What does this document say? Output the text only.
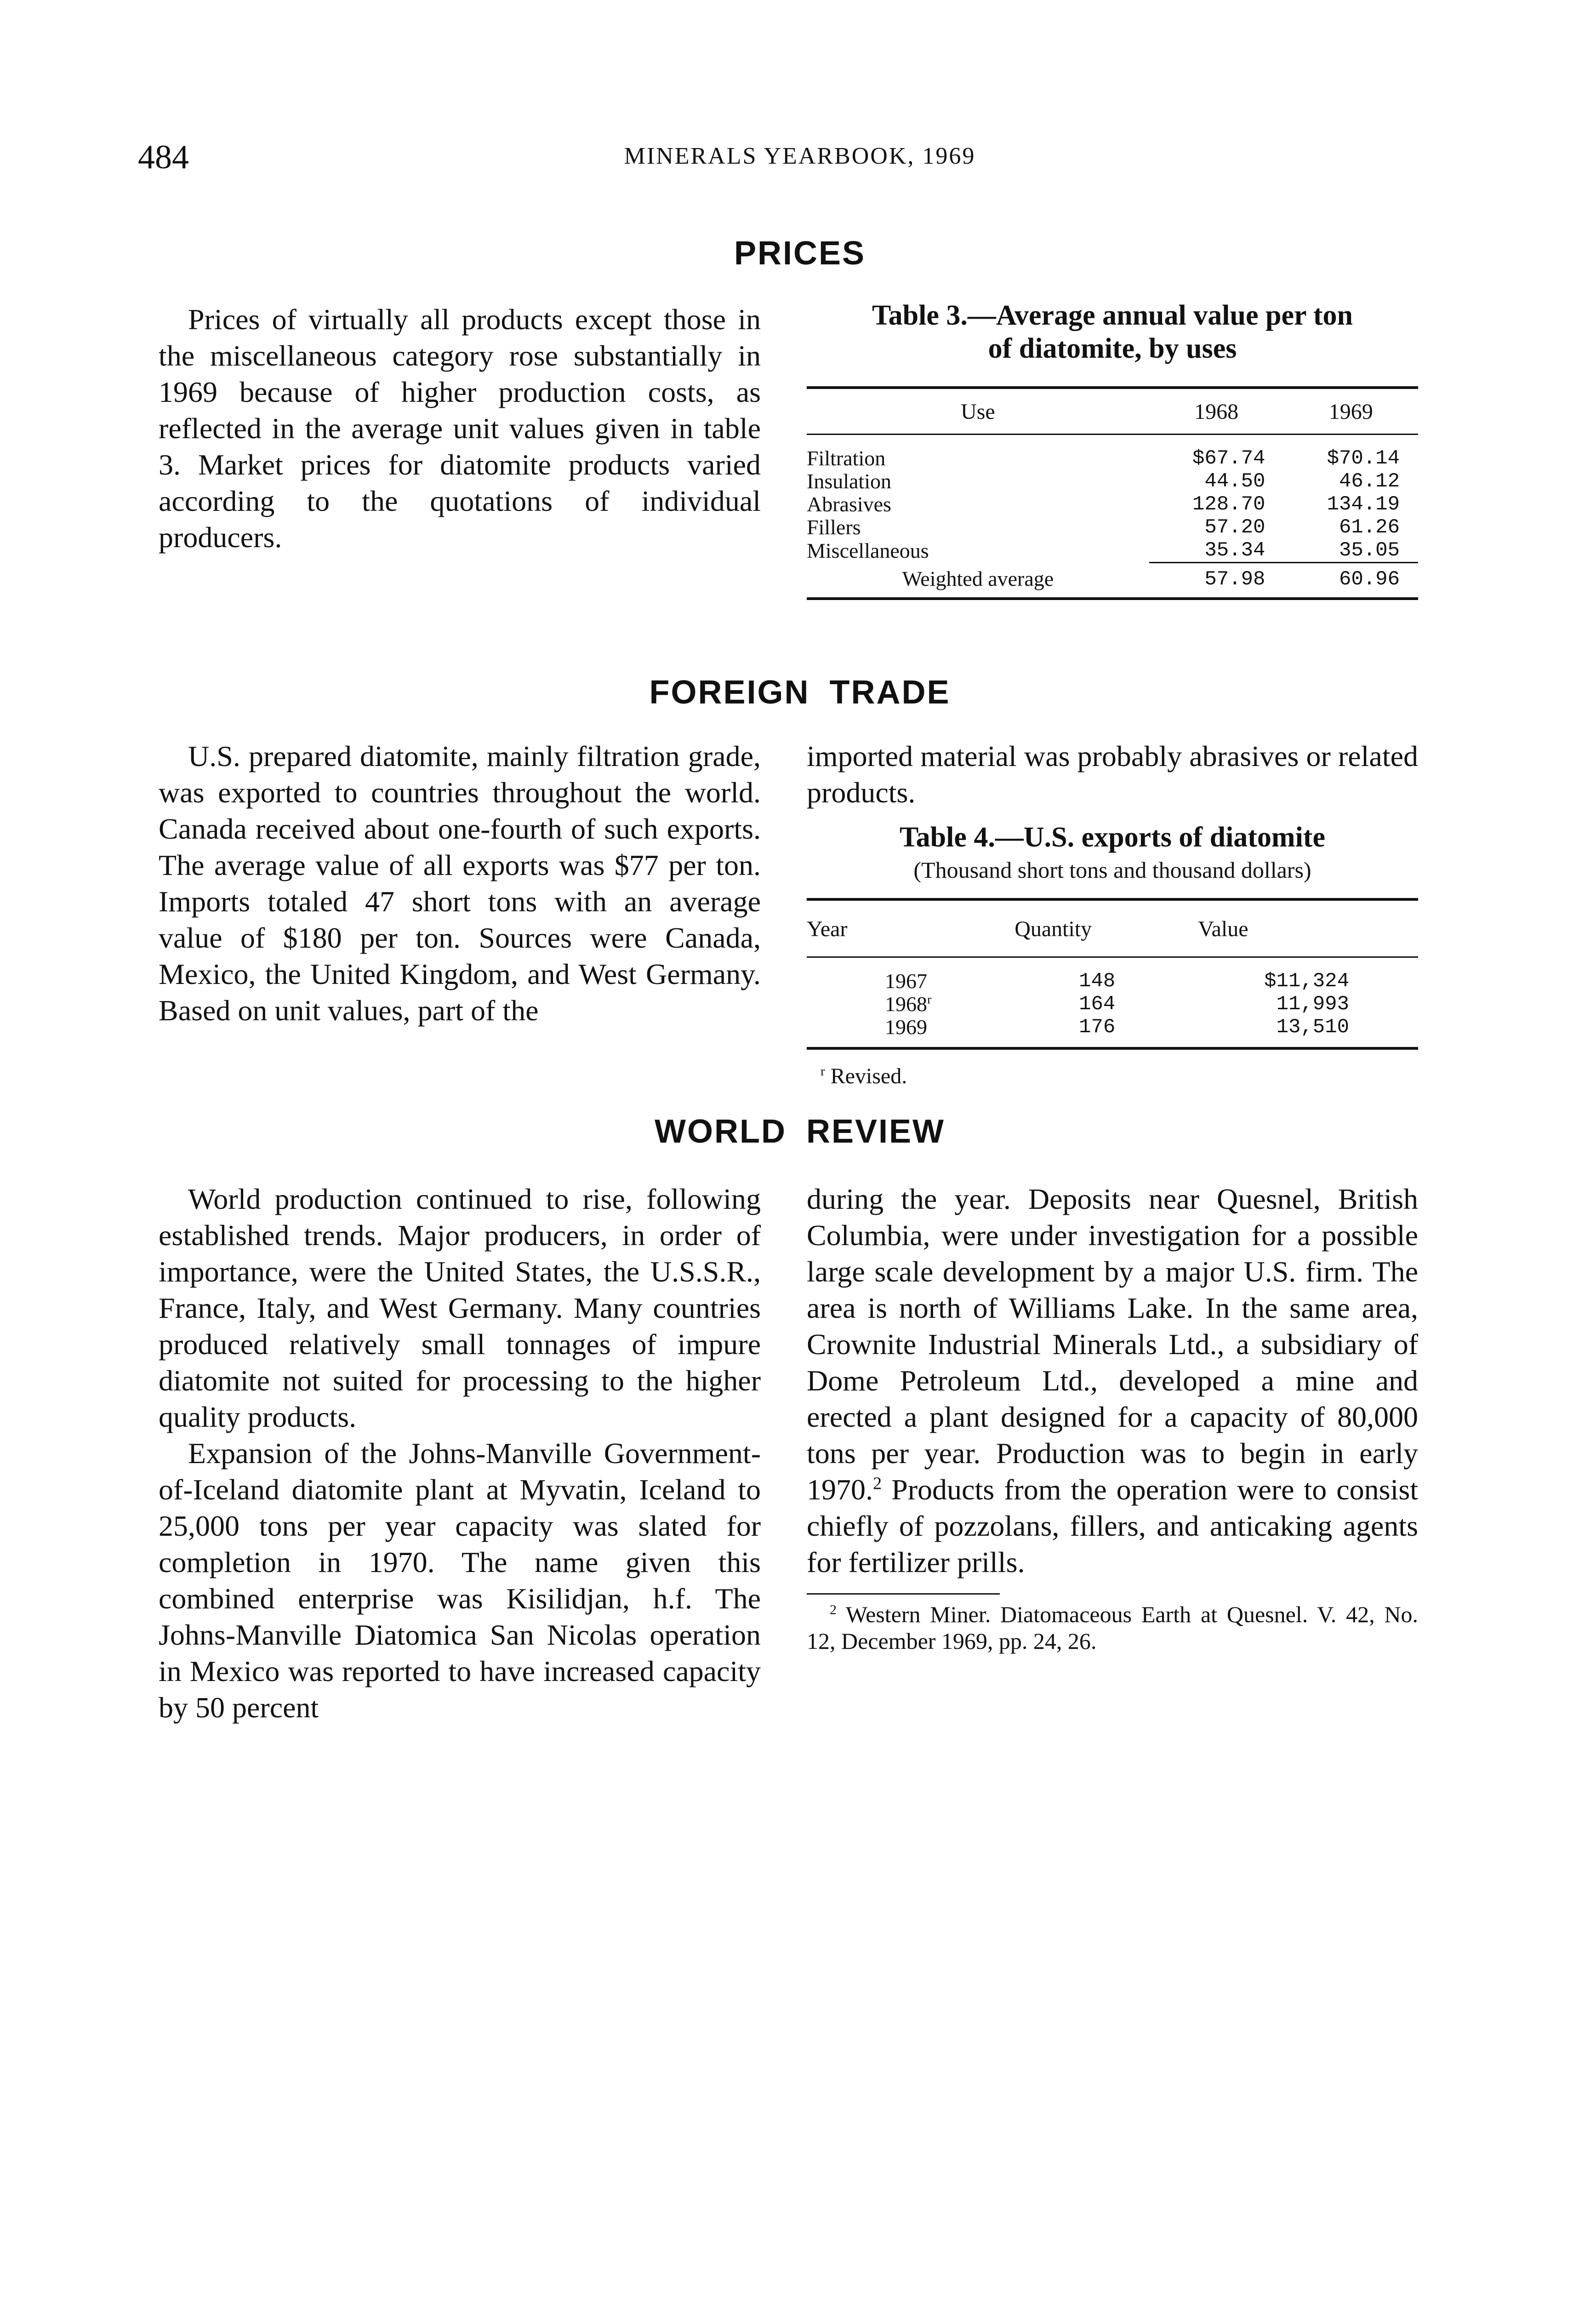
484	MINERALS YEARBOOK, 1969
PRICES

Prices of virtually all products except those in the miscellaneous category rose substantially in 1969 because of higher production costs, as reflected in the average unit values given in table 3. Market prices for diatomite products varied according to the quotations of individual producers.

Table 3.—Average annual value per ton
of diatomite, by uses
Use	1968	1969
Filtration	$67.74	$70.14
Insulation	44.50	46.12
Abrasives	128.70	134.19
Fillers	57.20	61.26
Miscellaneous	35.34	35.05
Weighted average	57.98	60.96
FOREIGN TRADE

U.S. prepared diatomite, mainly filtration grade, was exported to countries throughout the world. Canada received about one-fourth of such exports. The average value of all exports was $77 per ton. Imports totaled 47 short tons with an average value of $180 per ton. Sources were Canada, Mexico, the United Kingdom, and West Germany. Based on unit values, part of the

imported material was probably abrasives or related products.

Table 4.—U.S. exports of diatomite
(Thousand short tons and thousand dollars)
Year	Quantity	Value
1967	148	$11,324
1968$^r$	164	11,993
1969	176	13,510
$^r$ Revised.
WORLD REVIEW

World production continued to rise, following established trends. Major producers, in order of importance, were the United States, the U.S.S.R., France, Italy, and West Germany. Many countries produced relatively small tonnages of impure diatomite not suited for processing to the higher quality products.

Expansion of the Johns-Manville Government-of-Iceland diatomite plant at Myvatin, Iceland to 25,000 tons per year capacity was slated for completion in 1970. The name given this combined enterprise was Kisilidjan, h.f. The Johns-Manville Diatomica San Nicolas operation in Mexico was reported to have increased capacity by 50 percent

during the year. Deposits near Quesnel, British Columbia, were under investigation for a possible large scale development by a major U.S. firm. The area is north of Williams Lake. In the same area, Crownite Industrial Minerals Ltd., a subsidiary of Dome Petroleum Ltd., developed a mine and erected a plant designed for a capacity of 80,000 tons per year. Production was to begin in early 1970.$^2$ Products from the operation were to consist chiefly of pozzolans, fillers, and anticaking agents for fertilizer prills.

$^2$ Western Miner. Diatomaceous Earth at Quesnel. V. 42, No. 12, December 1969, pp. 24, 26.
